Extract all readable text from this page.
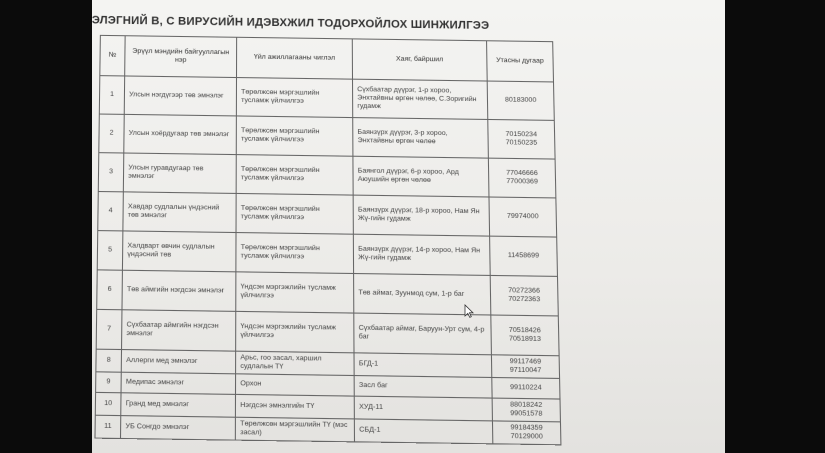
ЭЛЭГНИЙ B, C ВИРУСИЙН ИДЭВХЖИЛ ТОДОРХОЙЛОХ ШИНЖИЛГЭЭ
№	Эрүүл мэндийн байгууллагын нэр	Үйл ажиллагааны чиглэл	Хаяг, байршил	Утасны дугаар
1	Улсын нэгдүгээр төв эмнэлэг	Төрөлжсөн мэргэшлийн тусламж үйлчилгээ	Сүхбаатар дүүрэг, 1-р хороо, Энхтайвны өргөн чөлөө, С.Зоригийн гудамж	80183000
2	Улсын хоёрдугаар төв эмнэлэг	Төрөлжсөн мэргэшлийн тусламж үйлчилгээ	Баянзүрх дүүрэг, 3-р хороо, Энхтайвны өргөн чөлөө	70150234 70150235
3	Улсын гуравдугаар төв эмнэлэг	Төрөлжсөн мэргэшлийн тусламж үйлчилгээ	Баянгол дүүрэг, 6-р хороо, Ард Аюушийн өргөн чөлөө	77046666 77000369
4	Хавдар судлалын үндэсний төв эмнэлэг	Төрөлжсөн мэргэшлийн тусламж үйлчилгээ	Баянзүрх дүүрэг, 18-р хороо, Нам Ян Жү-гийн гудамж	79974000
5	Халдварт өвчин судлалын үндэсний төв	Төрөлжсөн мэргэшлийн тусламж үйлчилгээ	Баянзүрх дүүрэг, 14-р хороо, Нам Ян Жү-гийн гудамж	11458699
6	Төв аймгийн нэгдсэн эмнэлэг	Үндсэн мэргэжлийн тусламж үйлчилгээ	Төв аймаг, Зуунмод сум, 1-р баг	70272366 70272363
7	Сүхбаатар аймгийн нэгдсэн эмнэлэг	Үндсэн мэргэжлийн тусламж үйлчилгээ	Сүхбаатар аймаг, Баруун-Урт сум, 4-р баг	70518426 70518913
8	Аллерги мед эмнэлэг	Арьс, гоо засал, харшил судлалын ТҮ	БГД-1	99117469 97110047
9	Медипас эмнэлэг	Орхон	Засл баг	99110224
10	Гранд мед эмнэлэг	Нэгдсэн эмнэлгийн ТҮ	ХУД-11	88018242 99051578
11	УБ Сонгдо эмнэлэг	Төрөлжсөн мэргэшлийн ТҮ (мэс засал)	СБД-1	99184359 70129000
